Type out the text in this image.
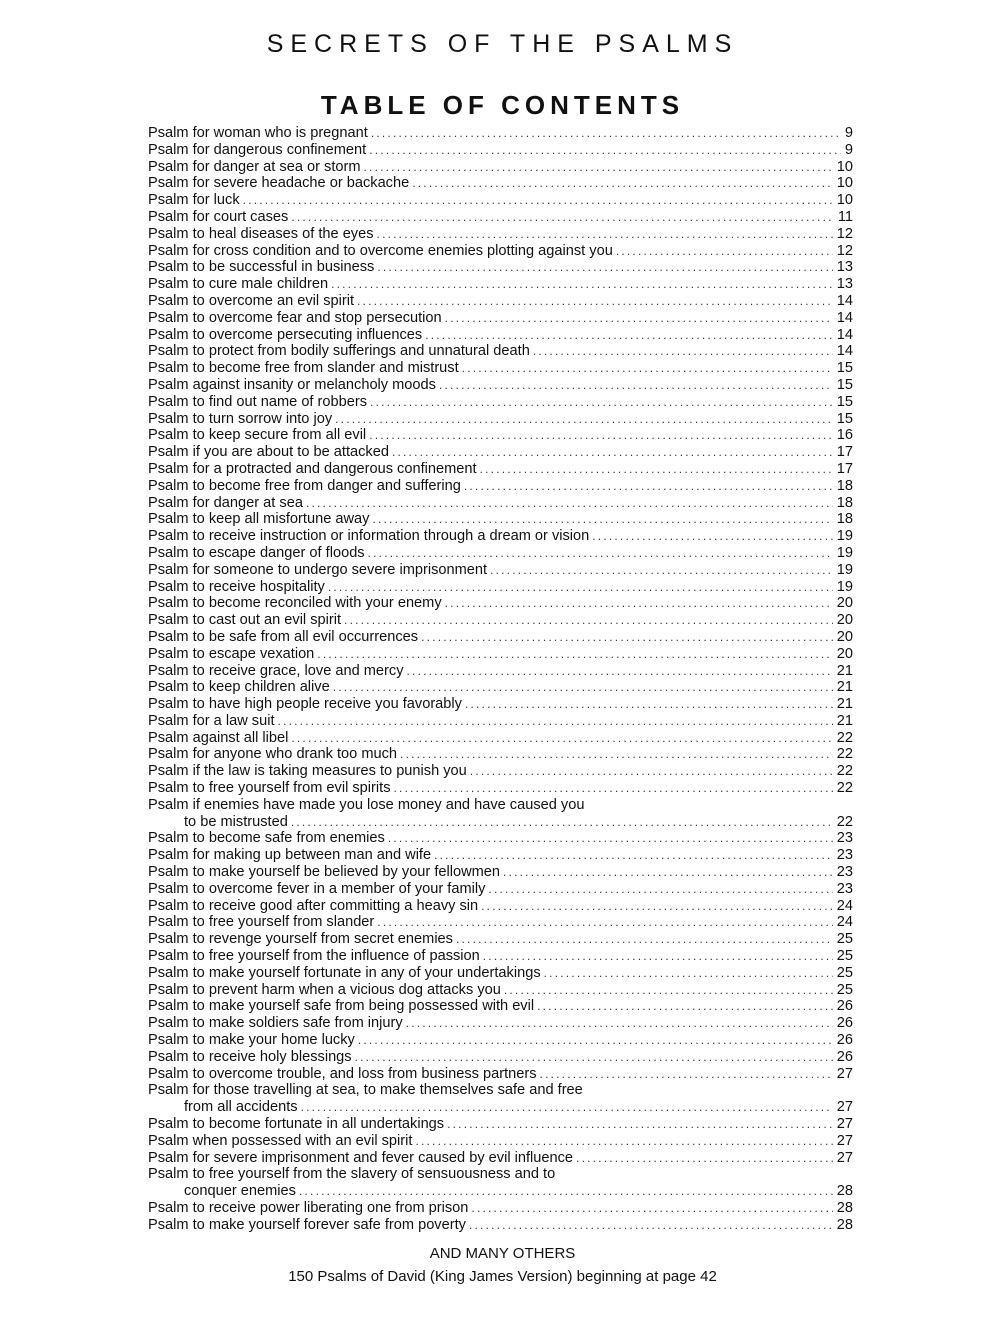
SECRETS OF THE PSALMS
TABLE OF CONTENTS
Psalm for woman who is pregnant .....	9
Psalm for dangerous confinement .....	9
Psalm for danger at sea or storm .....	10
Psalm for severe headache or backache .....	10
Psalm for luck .....	10
Psalm for court cases .....	11
Psalm to heal diseases of the eyes .....	12
Psalm for cross condition and to overcome enemies plotting against you .....	12
Psalm to be successful in business .....	13
Psalm to cure male children .....	13
Psalm to overcome an evil spirit .....	14
Psalm to overcome fear and stop persecution .....	14
Psalm to overcome persecuting influences .....	14
Psalm to protect from bodily sufferings and unnatural death .....	14
Psalm to become free from slander and mistrust .....	15
Psalm against insanity or melancholy moods .....	15
Psalm to find out name of robbers .....	15
Psalm to turn sorrow into joy .....	15
Psalm to keep secure from all evil .....	16
Psalm if you are about to be attacked .....	17
Psalm for a protracted and dangerous confinement .....	17
Psalm to become free from danger and suffering .....	18
Psalm for danger at sea .....	18
Psalm to keep all misfortune away .....	18
Psalm to receive instruction or information through a dream or vision .....	19
Psalm to escape danger of floods .....	19
Psalm for someone to undergo severe imprisonment .....	19
Psalm to receive hospitality .....	19
Psalm to become reconciled with your enemy .....	20
Psalm to cast out an evil spirit .....	20
Psalm to be safe from all evil occurrences .....	20
Psalm to escape vexation .....	20
Psalm to receive grace, love and mercy .....	21
Psalm to keep children alive .....	21
Psalm to have high people receive you favorably .....	21
Psalm for a law suit .....	21
Psalm against all libel .....	22
Psalm for anyone who drank too much .....	22
Psalm if the law is taking measures to punish you .....	22
Psalm to free yourself from evil spirits .....	22
Psalm if enemies have made you lose money and have caused you
to be mistrusted .....	22
Psalm to become safe from enemies .....	23
Psalm for making up between man and wife .....	23
Psalm to make yourself be believed by your fellowmen .....	23
Psalm to overcome fever in a member of your family .....	23
Psalm to receive good after committing a heavy sin .....	24
Psalm to free yourself from slander .....	24
Psalm to revenge yourself from secret enemies .....	25
Psalm to free yourself from the influence of passion .....	25
Psalm to make yourself fortunate in any of your undertakings .....	25
Psalm to prevent harm when a vicious dog attacks you .....	25
Psalm to make yourself safe from being possessed with evil .....	26
Psalm to make soldiers safe from injury .....	26
Psalm to make your home lucky .....	26
Psalm to receive holy blessings .....	26
Psalm to overcome trouble, and loss from business partners .....	27
Psalm for those travelling at sea, to make themselves safe and free
from all accidents .....	27
Psalm to become fortunate in all undertakings .....	27
Psalm when possessed with an evil spirit .....	27
Psalm for severe imprisonment and fever caused by evil influence .....	27
Psalm to free yourself from the slavery of sensuousness and to
conquer enemies .....	28
Psalm to receive power liberating one from prison .....	28
Psalm to make yourself forever safe from poverty .....	28

AND MANY OTHERS

150 Psalms of David (King James Version) beginning at page 42
